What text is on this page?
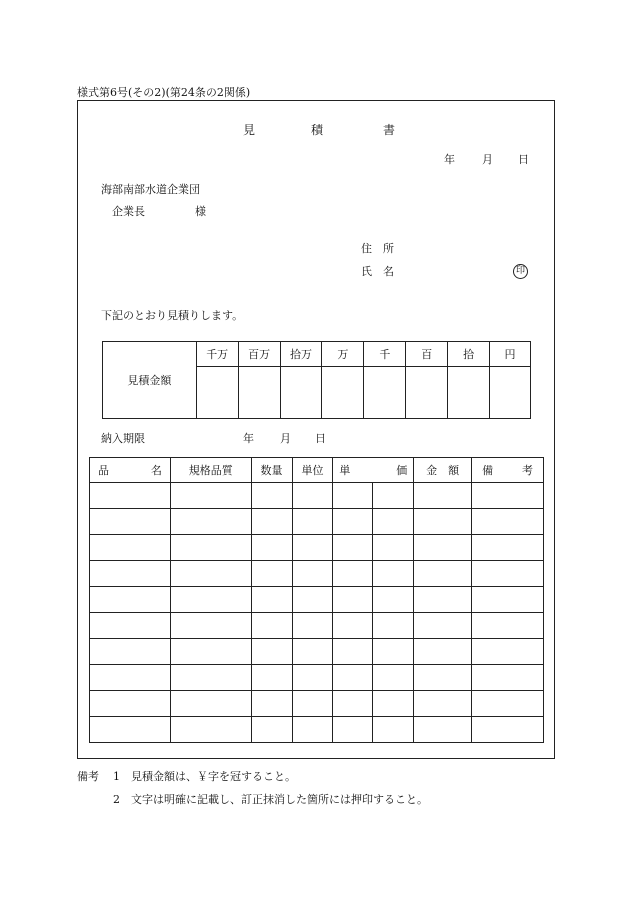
様式第6号(その2)(第24条の2関係)
見	積	書
年 月 日
海部南部水道企業団
企業長	様
住　所
氏　名	印
下記のとおり見積りします。
見積金額	千万	百万	拾万	万	千	百	拾	円

納入期限	年 月 日
品 名	規格品質	数量	単位	単 価		金　額	備 考

備考 1 見積金額は、￥字を冠すること。
2 文字は明確に記載し、訂正抹消した箇所には押印すること。
